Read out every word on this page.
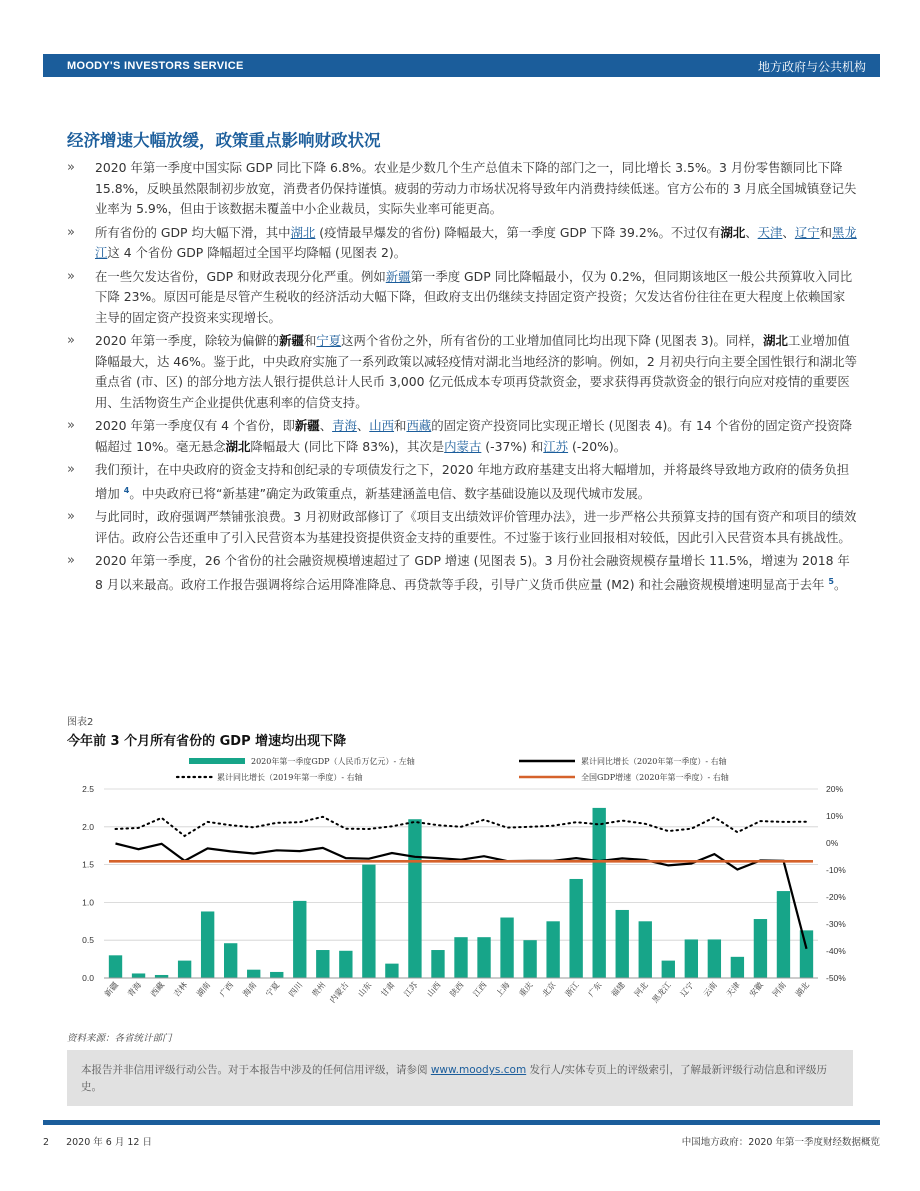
MOODY'S INVESTORS SERVICE	地方政府与公共机构
经济增速大幅放缓，政策重点影响财政状况
» 2020 年第一季度中国实际 GDP 同比下降 6.8%。农业是少数几个生产总值未下降的部门之一，同比增长 3.5%。3 月份零售额同比下降 15.8%，反映虽然限制初步放宽，消费者仍保持谨慎。疲弱的劳动力市场状况将导致年内消费持续低迷。官方公布的 3 月底全国城镇登记失业率为 5.9%，但由于该数据未覆盖中小企业裁员，实际失业率可能更高。
» 所有省份的 GDP 均大幅下滑，其中湖北 (疫情最早爆发的省份) 降幅最大，第一季度 GDP 下降 39.2%。不过仅有湖北、天津、辽宁和黑龙江这 4 个省份 GDP 降幅超过全国平均降幅 (见图表 2)。
» 在一些欠发达省份，GDP 和财政表现分化严重。例如新疆第一季度 GDP 同比降幅最小，仅为 0.2%，但同期该地区一般公共预算收入同比下降 23%。原因可能是尽管产生税收的经济活动大幅下降，但政府支出仍继续支持固定资产投资；欠发达省份往往在更大程度上依赖国家主导的固定资产投资来实现增长。
» 2020 年第一季度，除较为偏僻的新疆和宁夏这两个省份之外，所有省份的工业增加值同比均出现下降 (见图表 3)。同样，湖北工业增加值降幅最大，达 46%。鉴于此，中央政府实施了一系列政策以减轻疫情对湖北当地经济的影响。例如，2 月初央行向主要全国性银行和湖北等重点省 (市、区) 的部分地方法人银行提供总计人民币 3,000 亿元低成本专项再贷款资金，要求获得再贷款资金的银行向应对疫情的重要医用、生活物资生产企业提供优惠利率的信贷支持。
» 2020 年第一季度仅有 4 个省份，即新疆、青海、山西和西藏的固定资产投资同比实现正增长 (见图表 4)。有 14 个省份的固定资产投资降幅超过 10%。毫无悬念湖北降幅最大 (同比下降 83%)，其次是内蒙古 (-37%) 和江苏 (-20%)。
» 我们预计，在中央政府的资金支持和创纪录的专项债发行之下，2020 年地方政府基建支出将大幅增加，并将最终导致地方政府的债务负担增加 $^4$。中央政府已将“新基建”确定为政策重点，新基建涵盖电信、数字基础设施以及现代城市发展。
» 与此同时，政府强调严禁铺张浪费。3 月初财政部修订了《项目支出绩效评价管理办法》，进一步严格公共预算支持的国有资产和项目的绩效评估。政府公告还重申了引入民营资本为基建投资提供资金支持的重要性。不过鉴于该行业回报相对较低，因此引入民营资本具有挑战性。
» 2020 年第一季度，26 个省份的社会融资规模增速超过了 GDP 增速 (见图表 5)。3 月份社会融资规模存量增长 11.5%，增速为 2018 年 8 月以来最高。政府工作报告强调将综合运用降准降息、再贷款等手段，引导广义货币供应量 (M2) 和社会融资规模增速明显高于去年 $^5$。
图表2
今年前 3 个月所有省份的 GDP 增速均出现下降
2020年第一季度GDP（人民币万亿元）- 左轴	累计同比增长（2020年第一季度）- 右轴
累计同比增长（2019年第一季度）- 右轴	全国GDP增速（2020年第一季度）- 右轴
0.0
0.5
1.0
1.5
2.0
2.5	20%
10%
0%
-10%
-20%
-30%
-40%
-50%
新疆 青海 西藏 吉林 湖南 广西 海南 宁夏 四川 贵州 内蒙古 山东 甘肃 江苏 山西 陕西 江西 上海 重庆 北京 浙江 广东 福建 河北 黑龙江 辽宁 云南 天津 安徽 河南 湖北
资料来源：各省统计部门
本报告并非信用评级行动公告。对于本报告中涉及的任何信用评级，请参阅 www.moodys.com 发行人/实体专页上的评级索引，了解最新评级行动信息和评级历史。
2 2020 年 6 月 12 日	中国地方政府：2020 年第一季度财经数据概览
